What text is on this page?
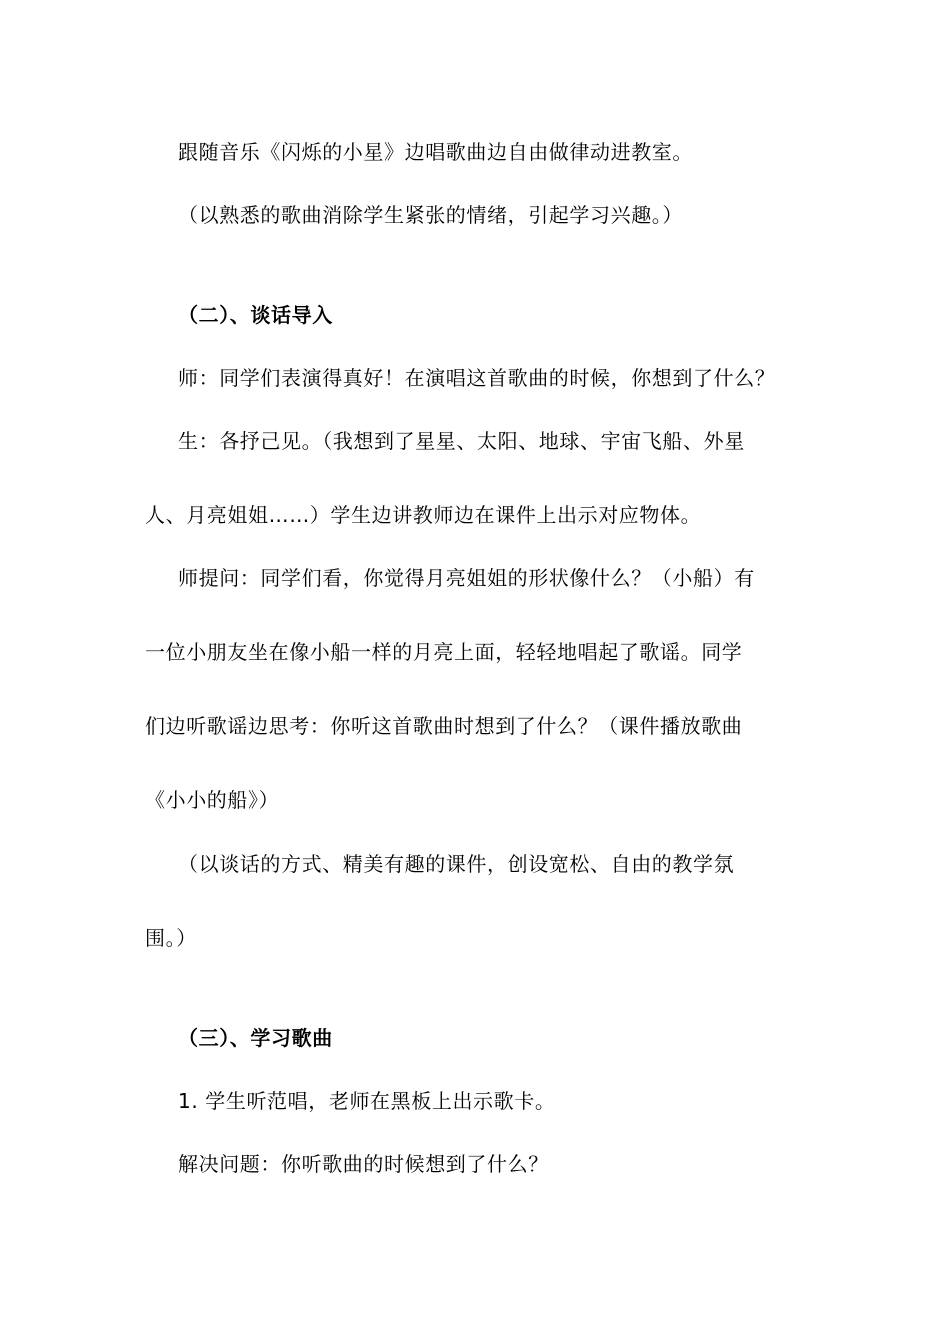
跟随音乐《闪烁的小星》边唱歌曲边自由做律动进教室。
（以熟悉的歌曲消除学生紧张的情绪，引起学习兴趣。）
（二）、谈话导入
师：同学们表演得真好！在演唱这首歌曲的时候，你想到了什么？
生：各抒己见。（我想到了星星、太阳、地球、宇宙飞船、外星
人、月亮姐姐……）学生边讲教师边在课件上出示对应物体。
师提问：同学们看，你觉得月亮姐姐的形状像什么？（小船）有
一位小朋友坐在像小船一样的月亮上面，轻轻地唱起了歌谣。同学
们边听歌谣边思考：你听这首歌曲时想到了什么？（课件播放歌曲
《小小的船》）
（以谈话的方式、精美有趣的课件，创设宽松、自由的教学氛
围。）
（三）、学习歌曲
1. 学生听范唱，老师在黑板上出示歌卡。
解决问题：你听歌曲的时候想到了什么？
